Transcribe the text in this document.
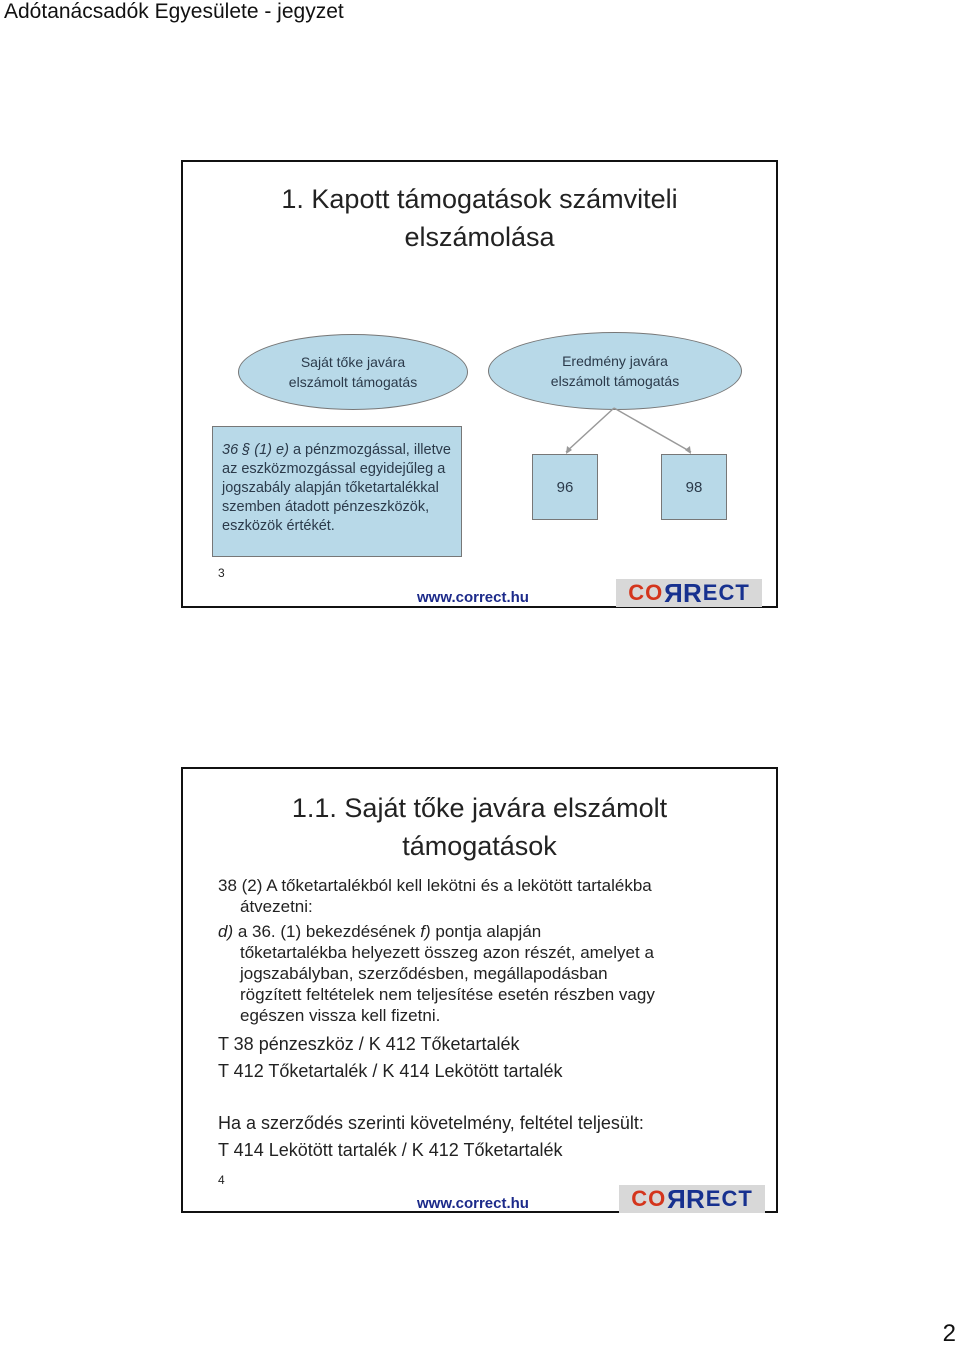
Adótanácsadók Egyesülete - jegyzet
1. Kapott támogatások számviteli
elszámolása
Saját tőke javára
elszámolt támogatás
Eredmény javára
elszámolt támogatás
36 § (1) e) a pénzmozgással, illetve
az eszközmozgással egyidejűleg a
jogszabály alapján tőketartalékkal
szemben átadott pénzeszközök,
eszközök értékét.
96	98
3
www.correct.hu	CO R R ECT
1.1. Saját tőke javára elszámolt
támogatások
38 (2) A tőketartalékból kell lekötni és a lekötött tartalékba
átvezetni:
d) a 36. (1) bekezdésének f) pontja alapján
tőketartalékba helyezett összeg azon részét, amelyet a
jogszabályban, szerződésben, megállapodásban
rögzített feltételek nem teljesítése esetén részben vagy
egészen vissza kell fizetni.
T 38 pénzeszköz / K 412 Tőketartalék
T 412 Tőketartalék / K 414 Lekötött tartalék
Ha a szerződés szerinti követelmény, feltétel teljesült:
T 414 Lekötött tartalék / K 412 Tőketartalék
4
www.correct.hu	CO R R ECT
2
